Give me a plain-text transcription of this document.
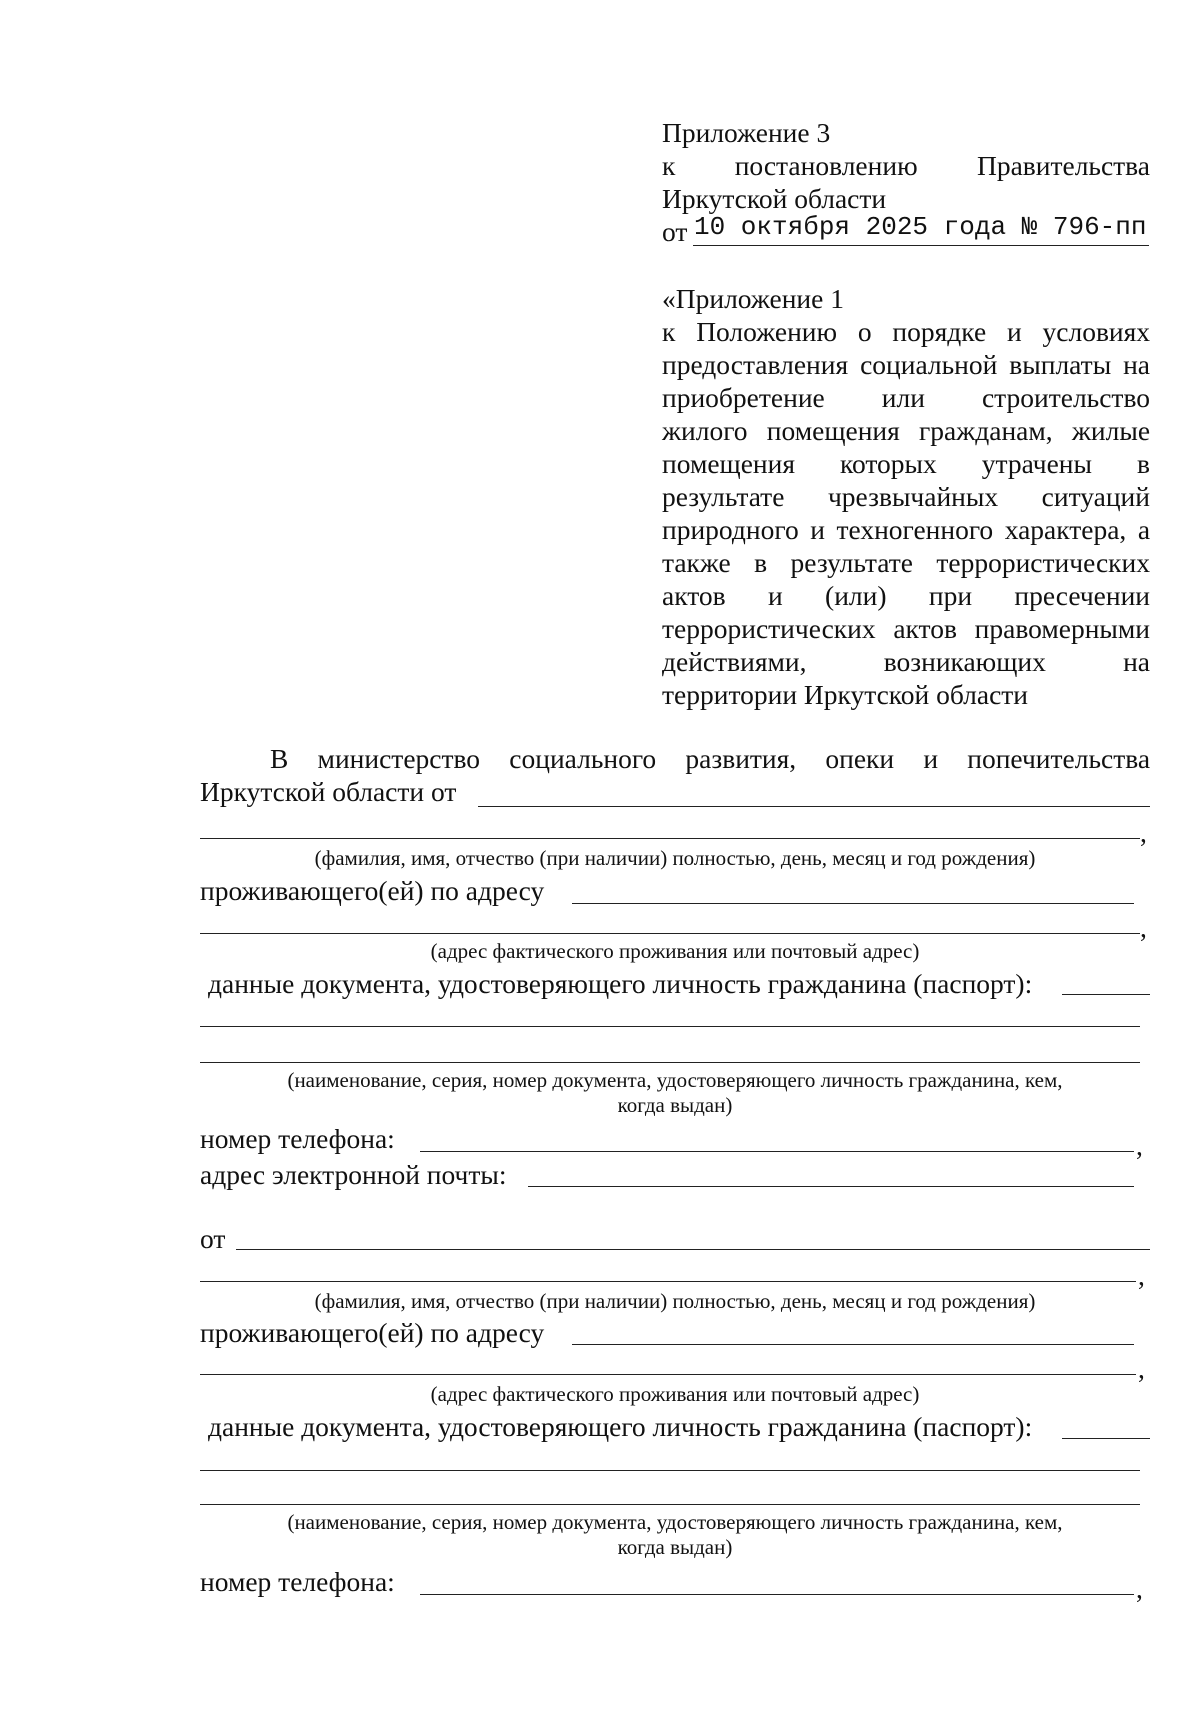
Приложение 3
к постановлению Правительства
Иркутской области
от 10 октября 2025 года № 796-пп
«Приложение 1
к Положению о порядке и условиях
предоставления социальной выплаты на
приобретение или строительство
жилого помещения гражданам, жилые
помещения которых утрачены в
результате чрезвычайных ситуаций
природного и техногенного характера, а
также в результате террористических
актов и (или) при пресечении
террористических актов правомерными
действиями,	возникающих	на
территории Иркутской области
В министерство социального развития, опеки и попечительства
Иркутской области от
,
(фамилия, имя, отчество (при наличии) полностью, день, месяц и год рождения)
проживающего(ей) по адресу
,
(адрес фактического проживания или почтовый адрес)
данные документа, удостоверяющего личность гражданина (паспорт):
(наименование, серия, номер документа, удостоверяющего личность гражданина, кем,
когда выдан)
номер телефона:	,
адрес электронной почты:
от
,
(фамилия, имя, отчество (при наличии) полностью, день, месяц и год рождения)
проживающего(ей) по адресу
,
(адрес фактического проживания или почтовый адрес)
данные документа, удостоверяющего личность гражданина (паспорт):
(наименование, серия, номер документа, удостоверяющего личность гражданина, кем,
когда выдан)
номер телефона:	,
